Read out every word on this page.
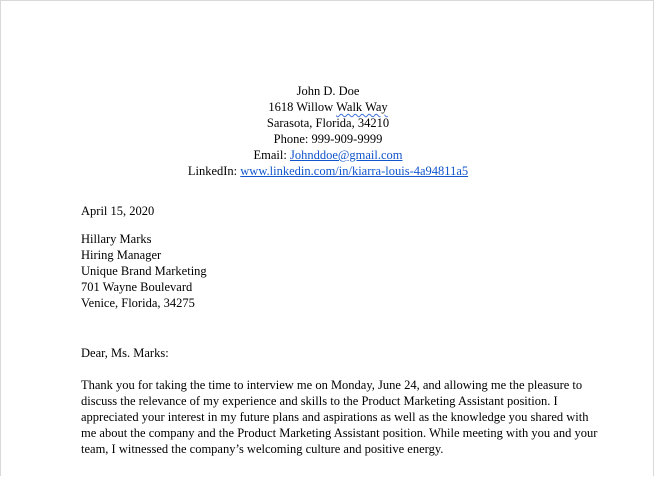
John D. Doe
1618 Willow Walk Way
Sarasota, Florida, 34210
Phone: 999-909-9999
Email: Johnddoe@gmail.com
LinkedIn: www.linkedin.com/in/kiarra-louis-4a94811a5
April 15, 2020
Hillary Marks
Hiring Manager
Unique Brand Marketing
701 Wayne Boulevard
Venice, Florida, 34275
Dear, Ms. Marks:

Thank you for taking the time to interview me on Monday, June 24, and allowing me the pleasure to discuss the relevance of my experience and skills to the Product Marketing Assistant position. I appreciated your interest in my future plans and aspirations as well as the knowledge you shared with me about the company and the Product Marketing Assistant position. While meeting with you and your team, I witnessed the company’s welcoming culture and positive energy.
